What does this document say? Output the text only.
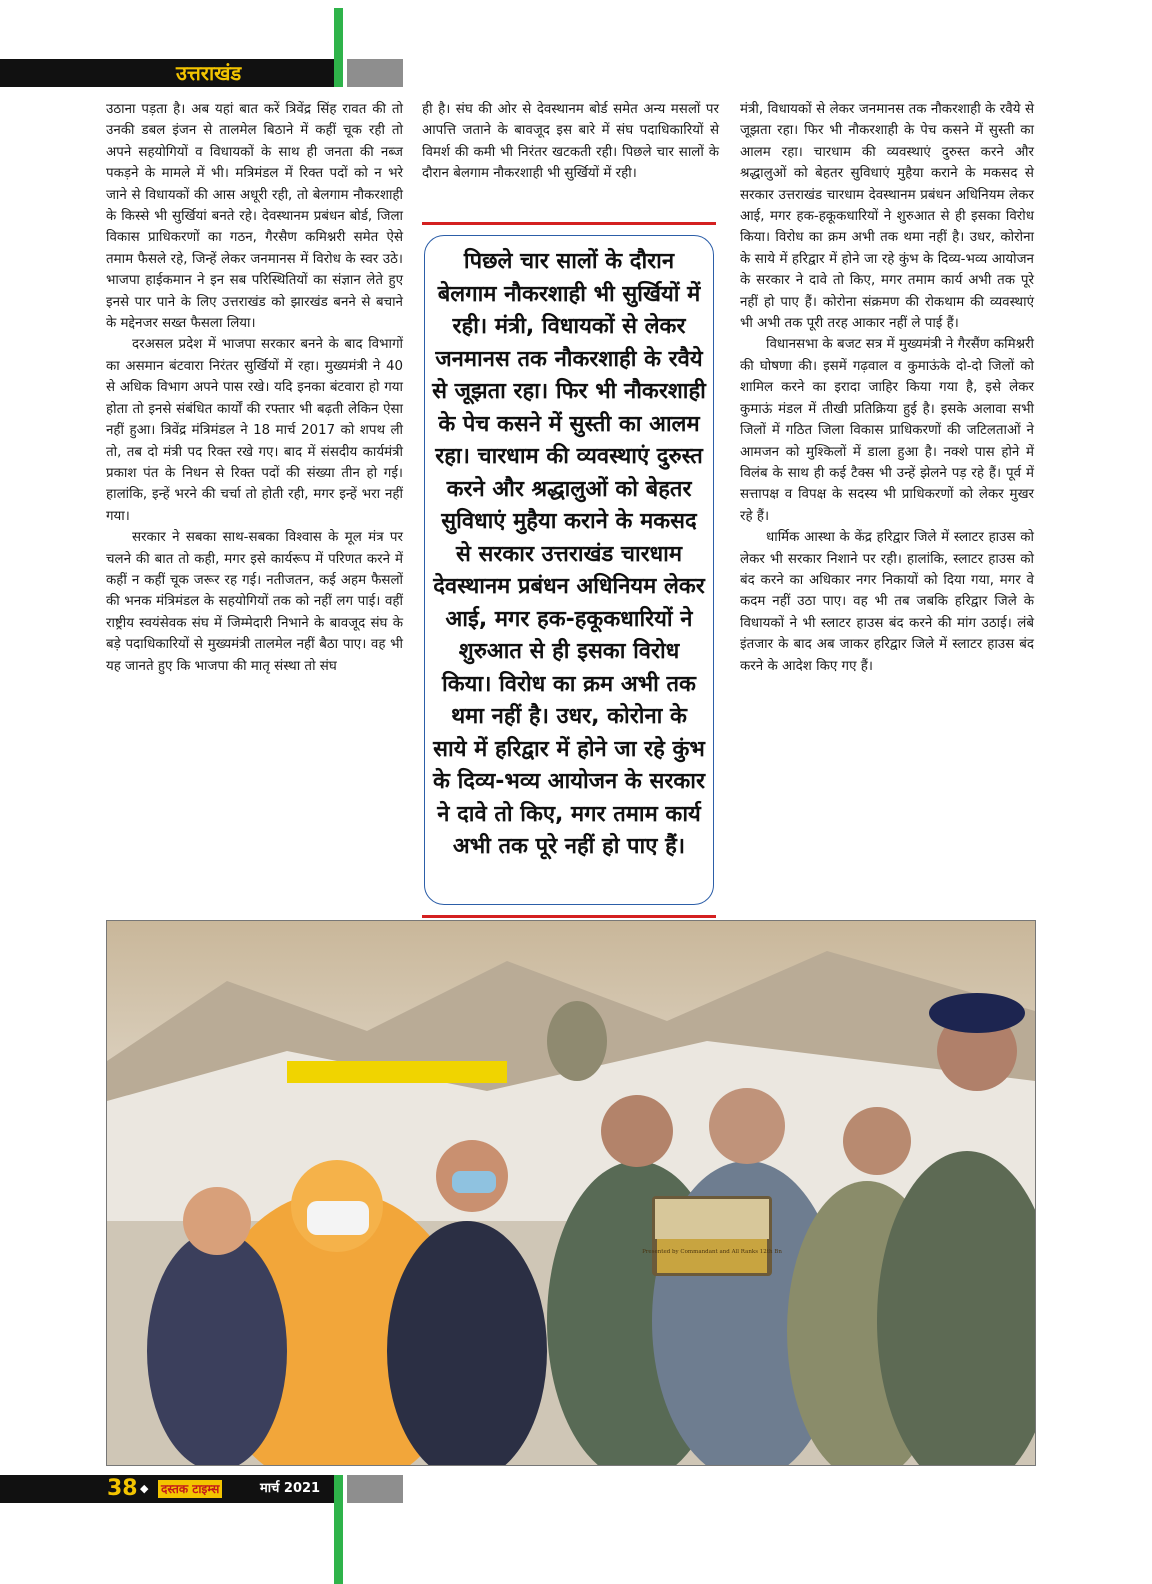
उत्तराखंड

उठाना पड़ता है। अब यहां बात करें त्रिवेंद्र सिंह रावत की तो उनकी डबल इंजन से तालमेल बिठाने में कहीं चूक रही तो अपने सहयोगियों व विधायकों के साथ ही जनता की नब्ज पकड़ने के मामले में भी। मत्रिमंडल में रिक्त पदों को न भरे जाने से विधायकों की आस अधूरी रही, तो बेलगाम नौकरशाही के किस्से भी सुर्खियां बनते रहे। देवस्थानम प्रबंधन बोर्ड, जिला विकास प्राधिकरणों का गठन, गैरसैण कमिश्नरी समेत ऐसे तमाम फैसले रहे, जिन्हें लेकर जनमानस में विरोध के स्वर उठे। भाजपा हाईकमान ने इन सब परिस्थितियों का संज्ञान लेते हुए इनसे पार पाने के लिए उत्तराखंड को झारखंड बनने से बचाने के मद्देनजर सख्त फैसला लिया।

दरअसल प्रदेश में भाजपा सरकार बनने के बाद विभागों का असमान बंटवारा निरंतर सुर्खियों में रहा। मुख्यमंत्री ने 40 से अधिक विभाग अपने पास रखे। यदि इनका बंटवारा हो गया होता तो इनसे संबंधित कार्यों की रफ्तार भी बढ़ती लेकिन ऐसा नहीं हुआ। त्रिवेंद्र मंत्रिमंडल ने 18 मार्च 2017 को शपथ ली तो, तब दो मंत्री पद रिक्त रखे गए। बाद में संसदीय कार्यमंत्री प्रकाश पंत के निधन से रिक्त पदों की संख्या तीन हो गई। हालांकि, इन्हें भरने की चर्चा तो होती रही, मगर इन्हें भरा नहीं गया।

सरकार ने सबका साथ-सबका विश्वास के मूल मंत्र पर चलने की बात तो कही, मगर इसे कार्यरूप में परिणत करने में कहीं न कहीं चूक जरूर रह गई। नतीजतन, कई अहम फैसलों की भनक मंत्रिमंडल के सहयोगियों तक को नहीं लग पाई। वहीं राष्ट्रीय स्वयंसेवक संघ में जिम्मेदारी निभाने के बावजूद संघ के बड़े पदाधिकारियों से मुख्यमंत्री तालमेल नहीं बैठा पाए। वह भी यह जानते हुए कि भाजपा की मातृ संस्था तो संघ

ही है। संघ की ओर से देवस्थानम बोर्ड समेत अन्य मसलों पर आपत्ति जताने के बावजूद इस बारे में संघ पदाधिकारियों से विमर्श की कमी भी निरंतर खटकती रही। पिछले चार सालों के दौरान बेलगाम नौकरशाही भी सुर्खियों में रही।

पिछले चार सालों के दौरान बेलगाम नौकरशाही भी सुर्खियों में रही। मंत्री, विधायकों से लेकर जनमानस तक नौकरशाही के रवैये से जूझता रहा। फिर भी नौकरशाही के पेच कसने में सुस्ती का आलम रहा। चारधाम की व्यवस्थाएं दुरुस्त करने और श्रद्धालुओं को बेहतर सुविधाएं मुहैया कराने के मकसद से सरकार उत्तराखंड चारधाम देवस्थानम प्रबंधन अधिनियम लेकर आई, मगर हक-हकूकधारियों ने शुरुआत से ही इसका विरोध किया। विरोध का क्रम अभी तक थमा नहीं है। उधर, कोरोना के साये में हरिद्वार में होने जा रहे कुंभ के दिव्य-भव्य आयोजन के सरकार ने दावे तो किए, मगर तमाम कार्य अभी तक पूरे नहीं हो पाए हैं।

मंत्री, विधायकों से लेकर जनमानस तक नौकरशाही के रवैये से जूझता रहा। फिर भी नौकरशाही के पेच कसने में सुस्ती का आलम रहा। चारधाम की व्यवस्थाएं दुरुस्त करने और श्रद्धालुओं को बेहतर सुविधाएं मुहैया कराने के मकसद से सरकार उत्तराखंड चारधाम देवस्थानम प्रबंधन अधिनियम लेकर आई, मगर हक-हकूकधारियों ने शुरुआत से ही इसका विरोध किया। विरोध का क्रम अभी तक थमा नहीं है। उधर, कोरोना के साये में हरिद्वार में होने जा रहे कुंभ के दिव्य-भव्य आयोजन के सरकार ने दावे तो किए, मगर तमाम कार्य अभी तक पूरे नहीं हो पाए हैं। कोरोना संक्रमण की रोकथाम की व्यवस्थाएं भी अभी तक पूरी तरह आकार नहीं ले पाई हैं।

विधानसभा के बजट सत्र में मुख्यमंत्री ने गैरसैंण कमिश्नरी की घोषणा की। इसमें गढ़वाल व कुमाऊंके दो-दो जिलों को शामिल करने का इरादा जाहिर किया गया है, इसे लेकर कुमाऊं मंडल में तीखी प्रतिक्रिया हुई है। इसके अलावा सभी जिलों में गठित जिला विकास प्राधिकरणों की जटिलताओं ने आमजन को मुश्किलों में डाला हुआ है। नक्शे पास होने में विलंब के साथ ही कई टैक्स भी उन्हें झेलने पड़ रहे हैं। पूर्व में सत्तापक्ष व विपक्ष के सदस्य भी प्राधिकरणों को लेकर मुखर रहे हैं।

धार्मिक आस्था के केंद्र हरिद्वार जिले में स्लाटर हाउस को लेकर भी सरकार निशाने पर रही। हालांकि, स्लाटर हाउस को बंद करने का अधिकार नगर निकायों को दिया गया, मगर वे कदम नहीं उठा पाए। वह भी तब जबकि हरिद्वार जिले के विधायकों ने भी स्लाटर हाउस बंद करने की मांग उठाई। लंबे इंतजार के बाद अब जाकर हरिद्वार जिले में स्लाटर हाउस बंद करने के आदेश किए गए हैं।

Presented by Commandant and All Ranks 12th Bn
38 ◆ दस्तक टाइम्स	मार्च 2021
